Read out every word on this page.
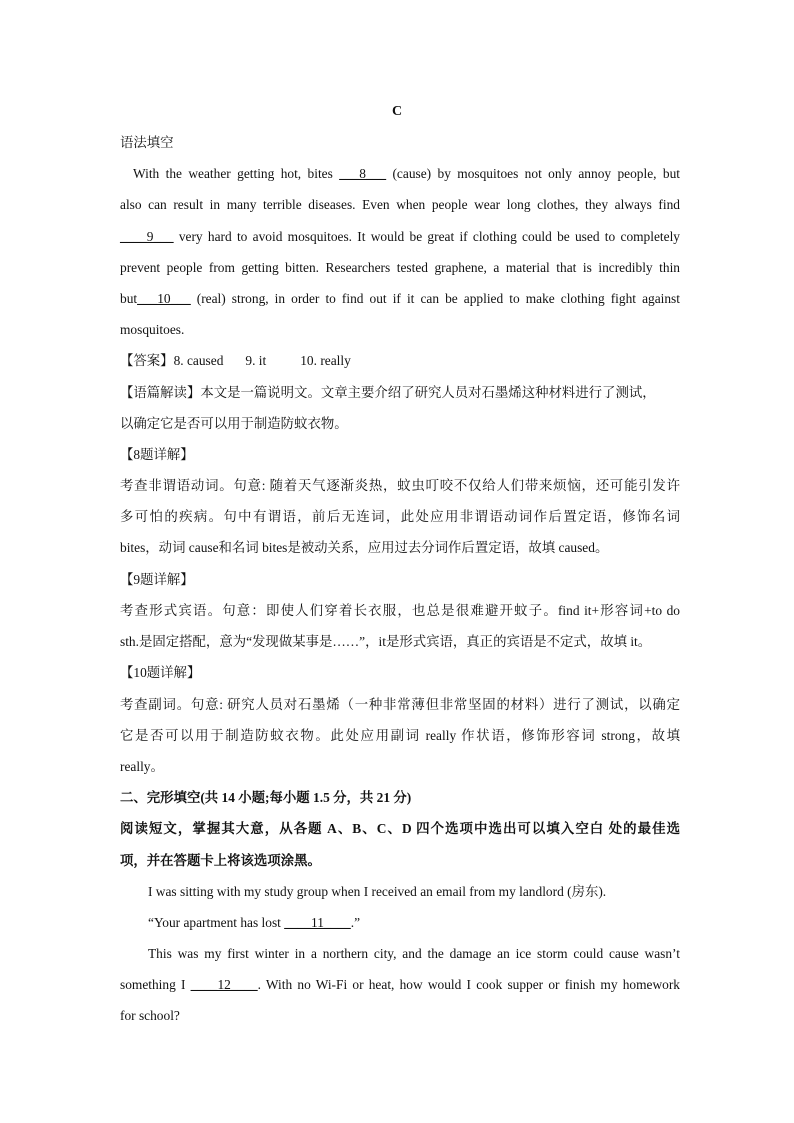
C
语法填空
With the weather getting hot, bites ___8___ (cause) by mosquitoes not only annoy people, but
also can result in many terrible diseases. Even when people wear long clothes, they always find
____9___ very hard to avoid mosquitoes. It would be great if clothing could be used to completely
prevent people from getting bitten. Researchers tested graphene, a material that is incredibly thin
but___10___ (real) strong, in order to find out if it can be applied to make clothing fight against
mosquitoes.
【答案】8. caused 9. it	10. really
【语篇解读】本文是一篇说明文。文章主要介绍了研究人员对石墨烯这种材料进行了测试，
以确定它是否可以用于制造防蚊衣物。
【8题详解】
考查非谓语动词。句意: 随着天气逐渐炎热，蚊虫叮咬不仅给人们带来烦恼，还可能引发许
多可怕的疾病。句中有谓语，前后无连词，此处应用非谓语动词作后置定语，修饰名词
bites，动词 cause和名词 bites是被动关系，应用过去分词作后置定语，故填 caused。
【9题详解】
考查形式宾语。句意：即使人们穿着长衣服，也总是很难避开蚊子。find it+形容词+to do
sth.是固定搭配，意为“发现做某事是……”，it是形式宾语，真正的宾语是不定式，故填 it。
【10题详解】
考查副词。句意: 研究人员对石墨烯（一种非常薄但非常坚固的材料）进行了测试，以确定
它是否可以用于制造防蚊衣物。此处应用副词 really 作状语，修饰形容词 strong，故填
really。
二、完形填空(共 14 小题;每小题 1.5 分，共 21 分)
阅读短文，掌握其大意，从各题 A、B、C、D 四个选项中选出可以填入空白 处的最佳选
项，并在答题卡上将该选项涂黑。
I was sitting with my study group when I received an email from my landlord (房东).
“Your apartment has lost ____11____.”
This was my first winter in a northern city, and the damage an ice storm could cause wasn’t
something I ____12____. With no Wi-Fi or heat, how would I cook supper or finish my homework
for school?
